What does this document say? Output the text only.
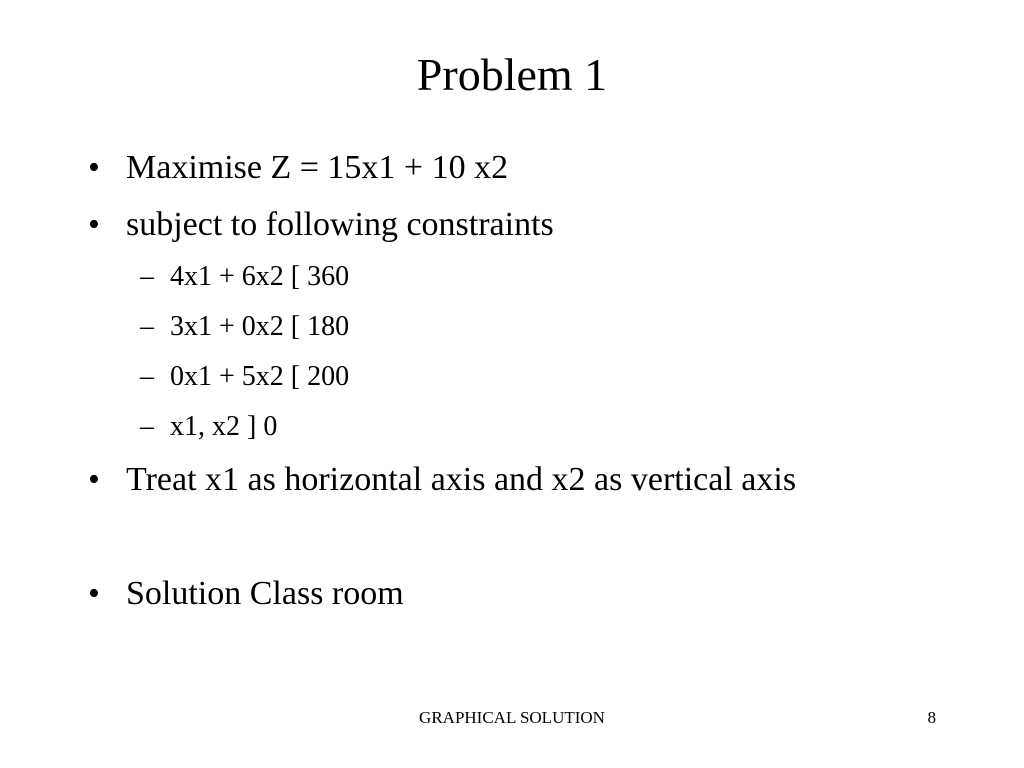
Problem 1
• Maximise Z = 15x1 + 10 x2
• subject to following constraints
– 4x1 + 6x2 [ 360
– 3x1 + 0x2 [ 180
– 0x1 + 5x2 [ 200
– x1, x2 ] 0
• Treat x1 as horizontal axis and x2 as vertical axis
• Solution Class room
GRAPHICAL SOLUTION	8
